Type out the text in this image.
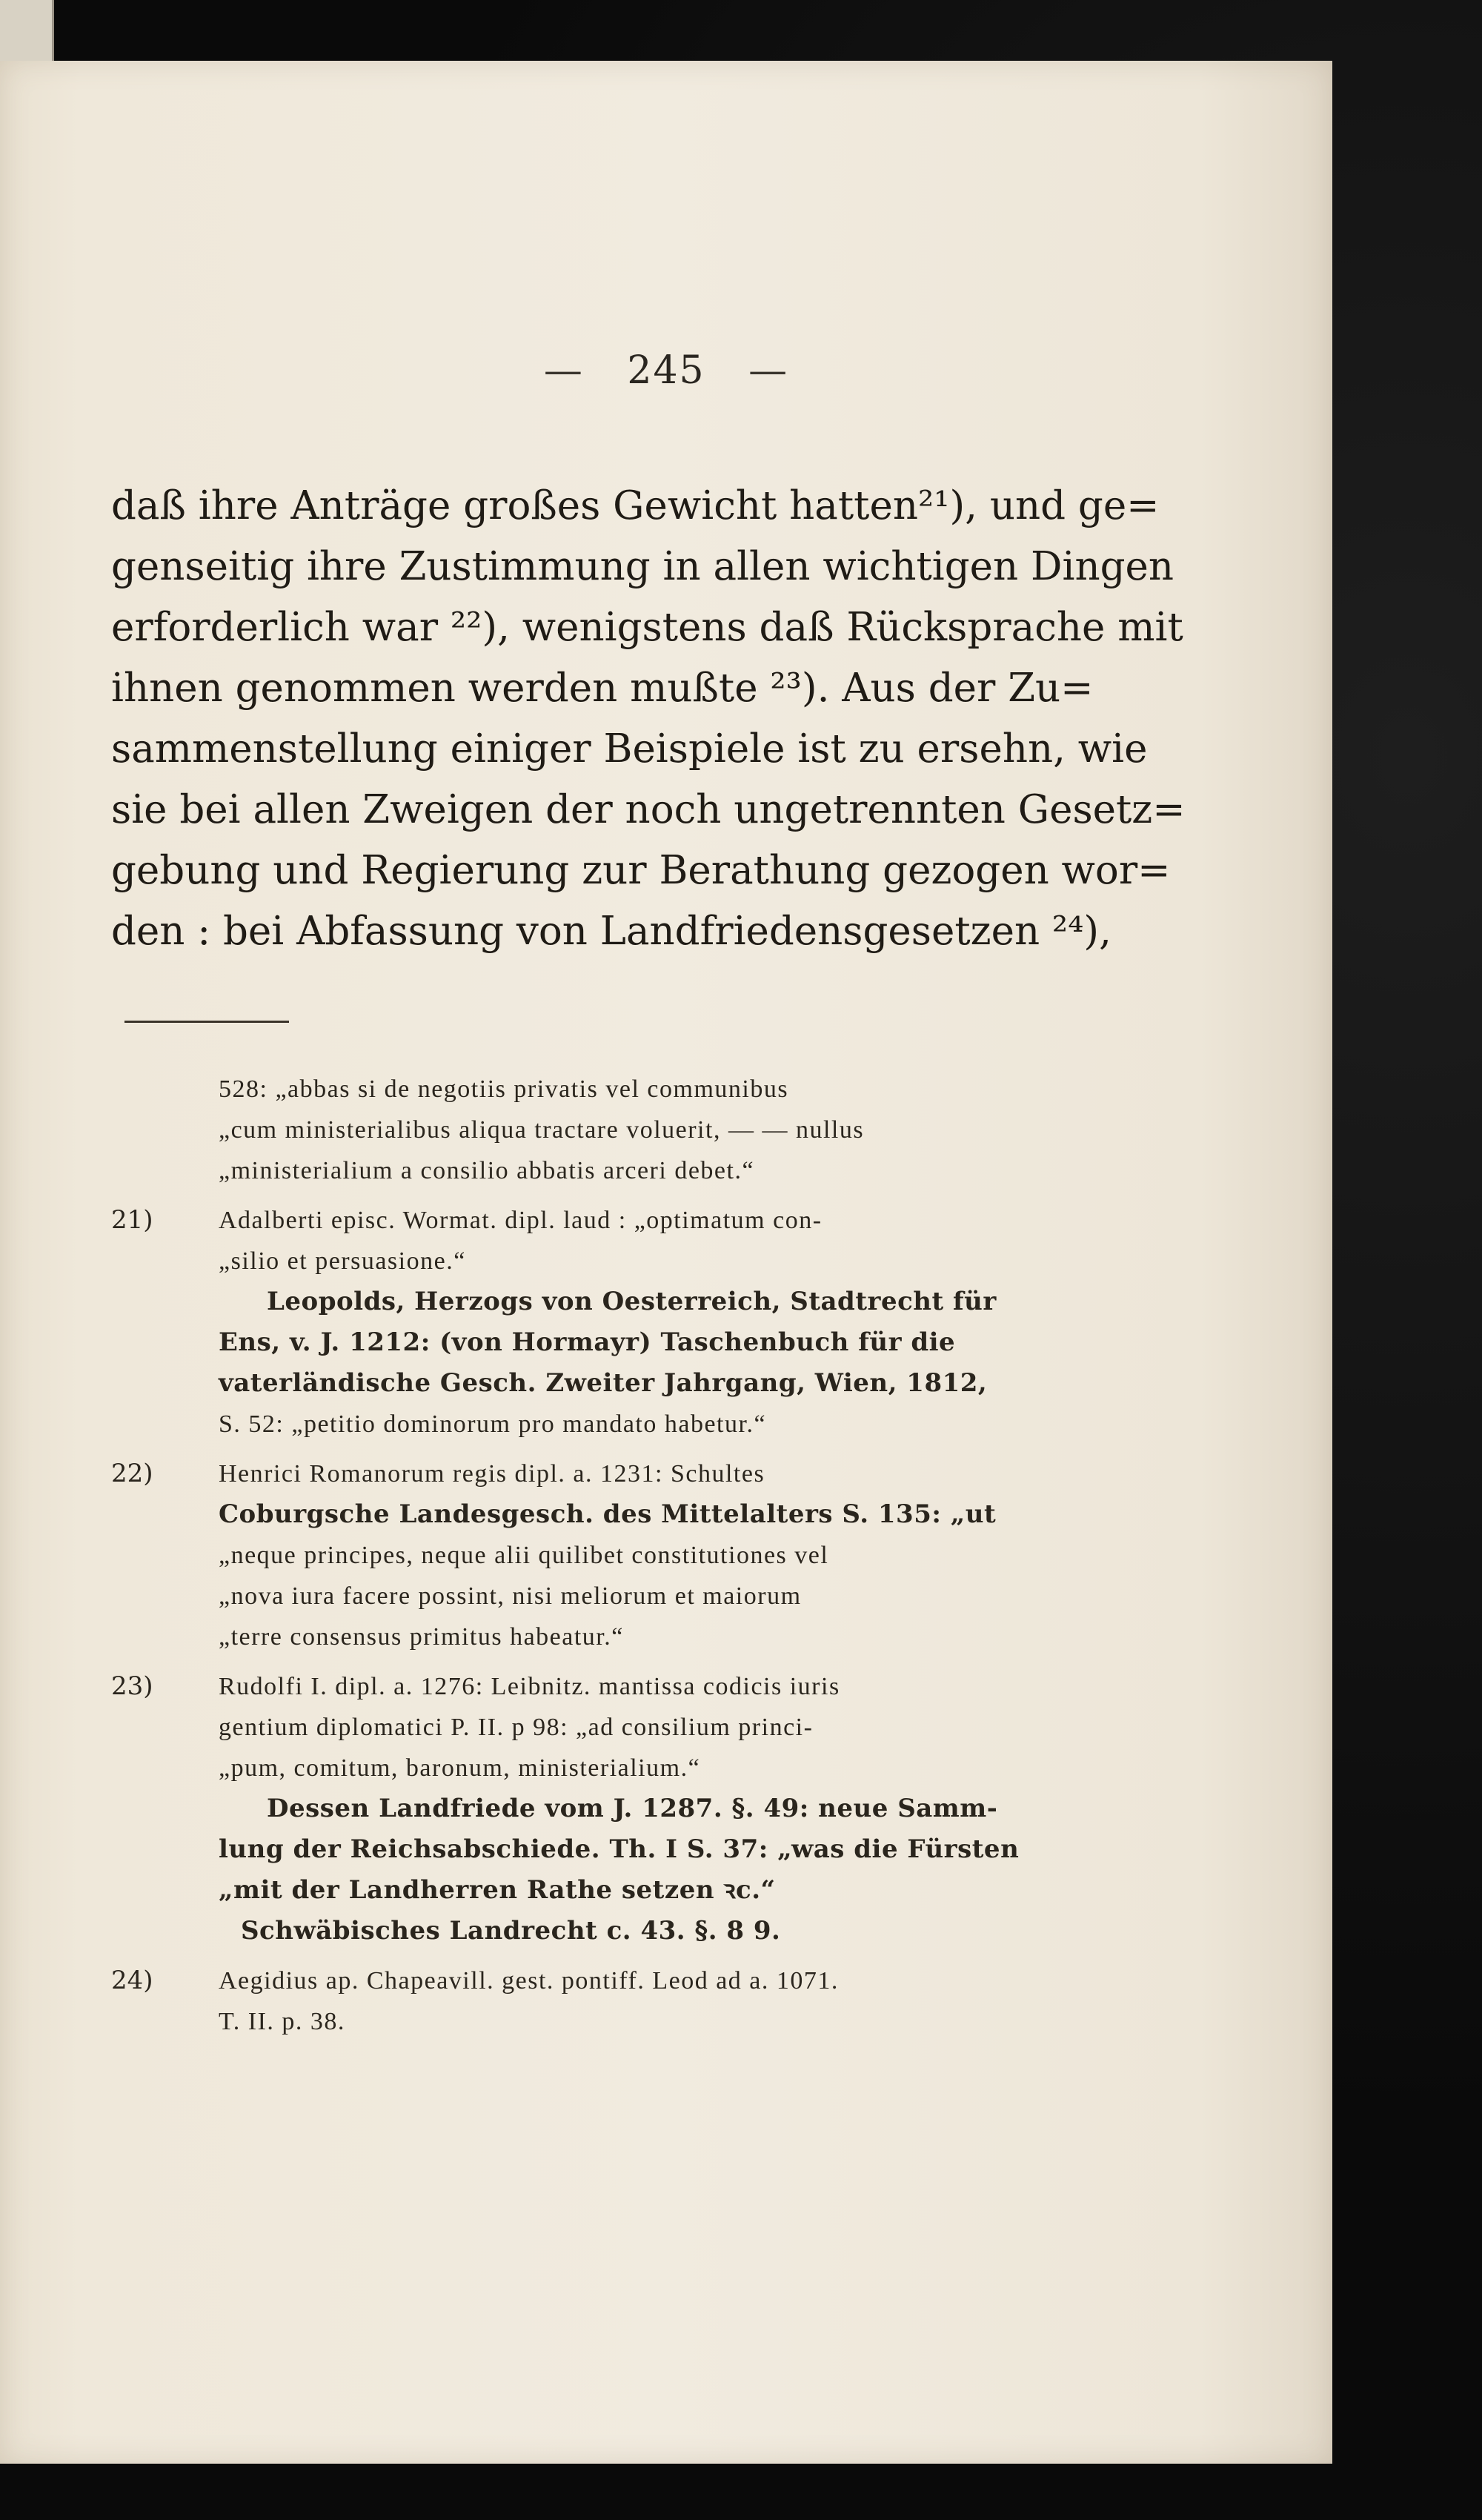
— 245 —
daß ihre Anträge großes Gewicht hatten²¹), und ge=
genseitig ihre Zustimmung in allen wichtigen Dingen
erforderlich war ²²), wenigstens daß Rücksprache mit
ihnen genommen werden mußte ²³). Aus der Zu=
sammenstellung einiger Beispiele ist zu ersehn, wie
sie bei allen Zweigen der noch ungetrennten Gesetz=
gebung und Regierung zur Berathung gezogen wor=
den : bei Abfassung von Landfriedensgesetzen ²⁴),
528: „abbas si de negotiis privatis vel communibus
„cum ministerialibus aliqua tractare voluerit, — — nullus
„ministerialium a consilio abbatis arceri debet.“
21)	Adalberti episc. Wormat. dipl. laud : „optimatum con-
„silio et persuasione.“
Leopolds, Herzogs von Oesterreich, Stadtrecht für
Ens, v. J. 1212: (von Hormayr) Taschenbuch für die
vaterländische Gesch. Zweiter Jahrgang, Wien, 1812,
S. 52: „petitio dominorum pro mandato habetur.“
22)	Henrici Romanorum regis dipl. a. 1231: Schultes
Coburgsche Landesgesch. des Mittelalters S. 135: „ut
„neque principes, neque alii quilibet constitutiones vel
„nova iura facere possint, nisi meliorum et maiorum
„terre consensus primitus habeatur.“
23)	Rudolfi I. dipl. a. 1276: Leibnitz. mantissa codicis iuris
gentium diplomatici P. II. p 98: „ad consilium princi-
„pum, comitum, baronum, ministerialium.“
Dessen Landfriede vom J. 1287. §. 49: neue Samm-
lung der Reichsabschiede. Th. I S. 37: „was die Fürsten
„mit der Landherren Rathe setzen ꝛc.“
Schwäbisches Landrecht c. 43. §. 8 9.
24)	Aegidius ap. Chapeavill. gest. pontiff. Leod ad a. 1071.
T. II. p. 38.
